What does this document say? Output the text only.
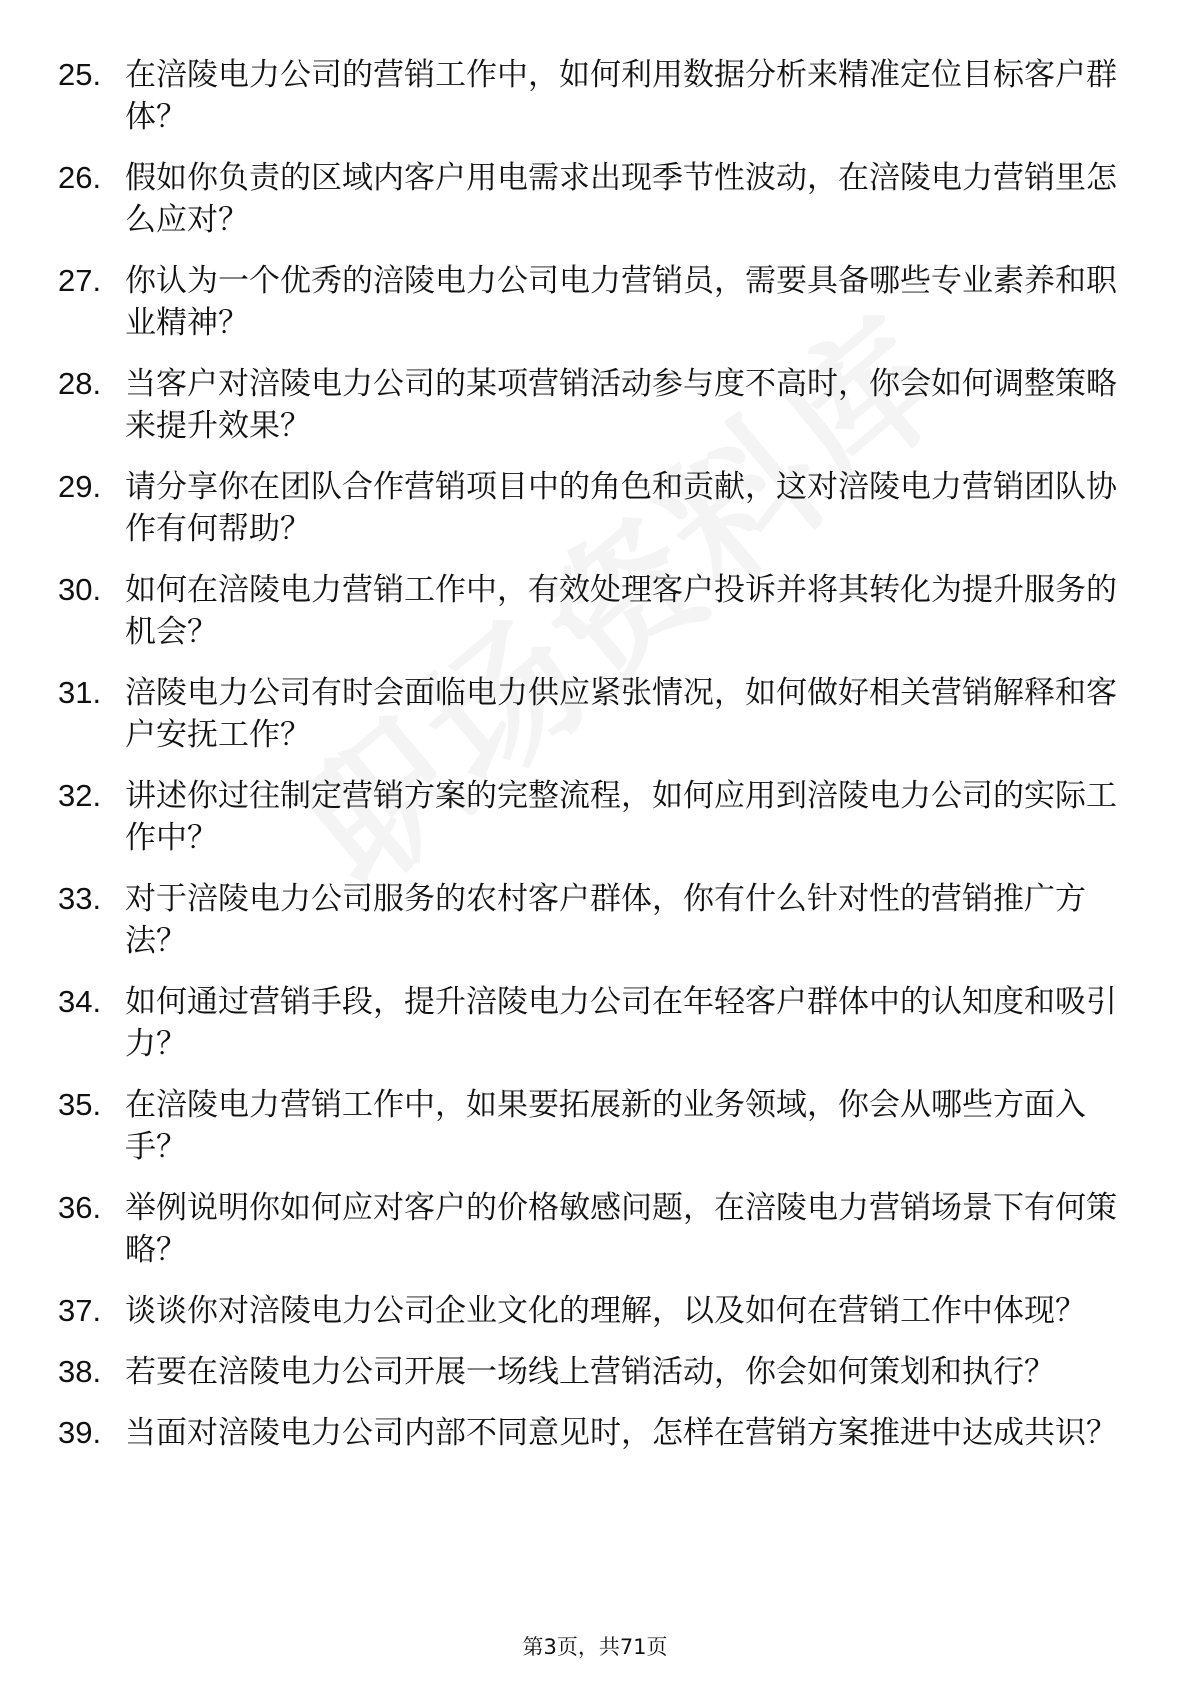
25. 在涪陵电力公司的营销工作中，如何利用数据分析来精准定位目标客户群体？
26. 假如你负责的区域内客户用电需求出现季节性波动，在涪陵电力营销里怎么应对？
27. 你认为一个优秀的涪陵电力公司电力营销员，需要具备哪些专业素养和职业精神？
28. 当客户对涪陵电力公司的某项营销活动参与度不高时，你会如何调整策略来提升效果？
29. 请分享你在团队合作营销项目中的角色和贡献，这对涪陵电力营销团队协作有何帮助？
30. 如何在涪陵电力营销工作中，有效处理客户投诉并将其转化为提升服务的机会？
31. 涪陵电力公司有时会面临电力供应紧张情况，如何做好相关营销解释和客户安抚工作？
32. 讲述你过往制定营销方案的完整流程，如何应用到涪陵电力公司的实际工作中？
33. 对于涪陵电力公司服务的农村客户群体，你有什么针对性的营销推广方法？
34. 如何通过营销手段，提升涪陵电力公司在年轻客户群体中的认知度和吸引力？
35. 在涪陵电力营销工作中，如果要拓展新的业务领域，你会从哪些方面入手？
36. 举例说明你如何应对客户的价格敏感问题，在涪陵电力营销场景下有何策略？
37. 谈谈你对涪陵电力公司企业文化的理解，以及如何在营销工作中体现？
38. 若要在涪陵电力公司开展一场线上营销活动，你会如何策划和执行？
39. 当面对涪陵电力公司内部不同意见时，怎样在营销方案推进中达成共识？
第3页，共71页
